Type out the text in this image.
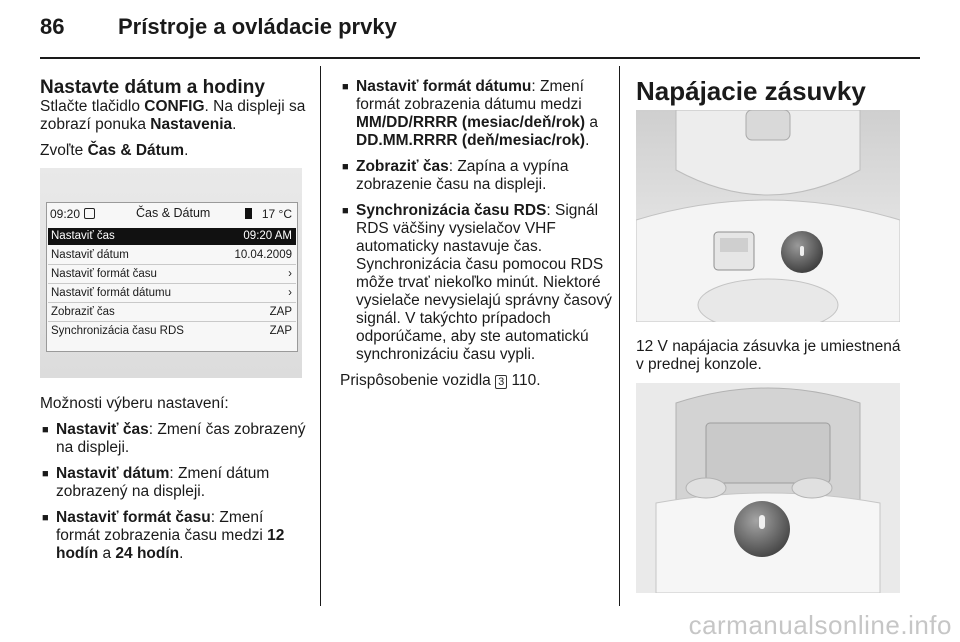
86 Prístroje a ovládacie prvky
Nastavte dátum a hodiny

Stlačte tlačidlo CONFIG. Na displeji sa zobrazí ponuka Nastavenia.

Zvoľte Čas & Dátum.

09:20	Čas & Dátum	17 °C
Nastaviť čas	09:20 AM
Nastaviť dátum	10.04.2009
Nastaviť formát času	›
Nastaviť formát dátumu	›
Zobraziť čas	ZAP
Synchronizácia času RDS	ZAP

Možnosti výberu nastavení:

■ Nastaviť čas: Zmení čas zobrazený na displeji.
■ Nastaviť dátum: Zmení dátum zobrazený na displeji.
■ Nastaviť formát času: Zmení formát zobrazenia času medzi 12 hodín a 24 hodín.
■ Nastaviť formát dátumu: Zmení formát zobrazenia dátumu medzi MM/DD/RRRR (mesiac/deň/rok) a DD.MM.RRRR (deň/mesiac/rok).
■ Zobraziť čas: Zapína a vypína zobrazenie času na displeji.
■ Synchronizácia času RDS: Signál RDS väčšiny vysielačov VHF automaticky nastavuje čas. Synchronizácia času pomocou RDS môže trvať niekoľko minút. Niektoré vysielače nevysielajú správny časový signál. V takýchto prípadoch odporúčame, aby ste automatickú synchronizáciu času vypli.

Prispôsobenie vozidla 3 110.

Napájacie zásuvky
12 V napájacia zásuvka je umiestnená v prednej konzole.
carmanualsonline.info
